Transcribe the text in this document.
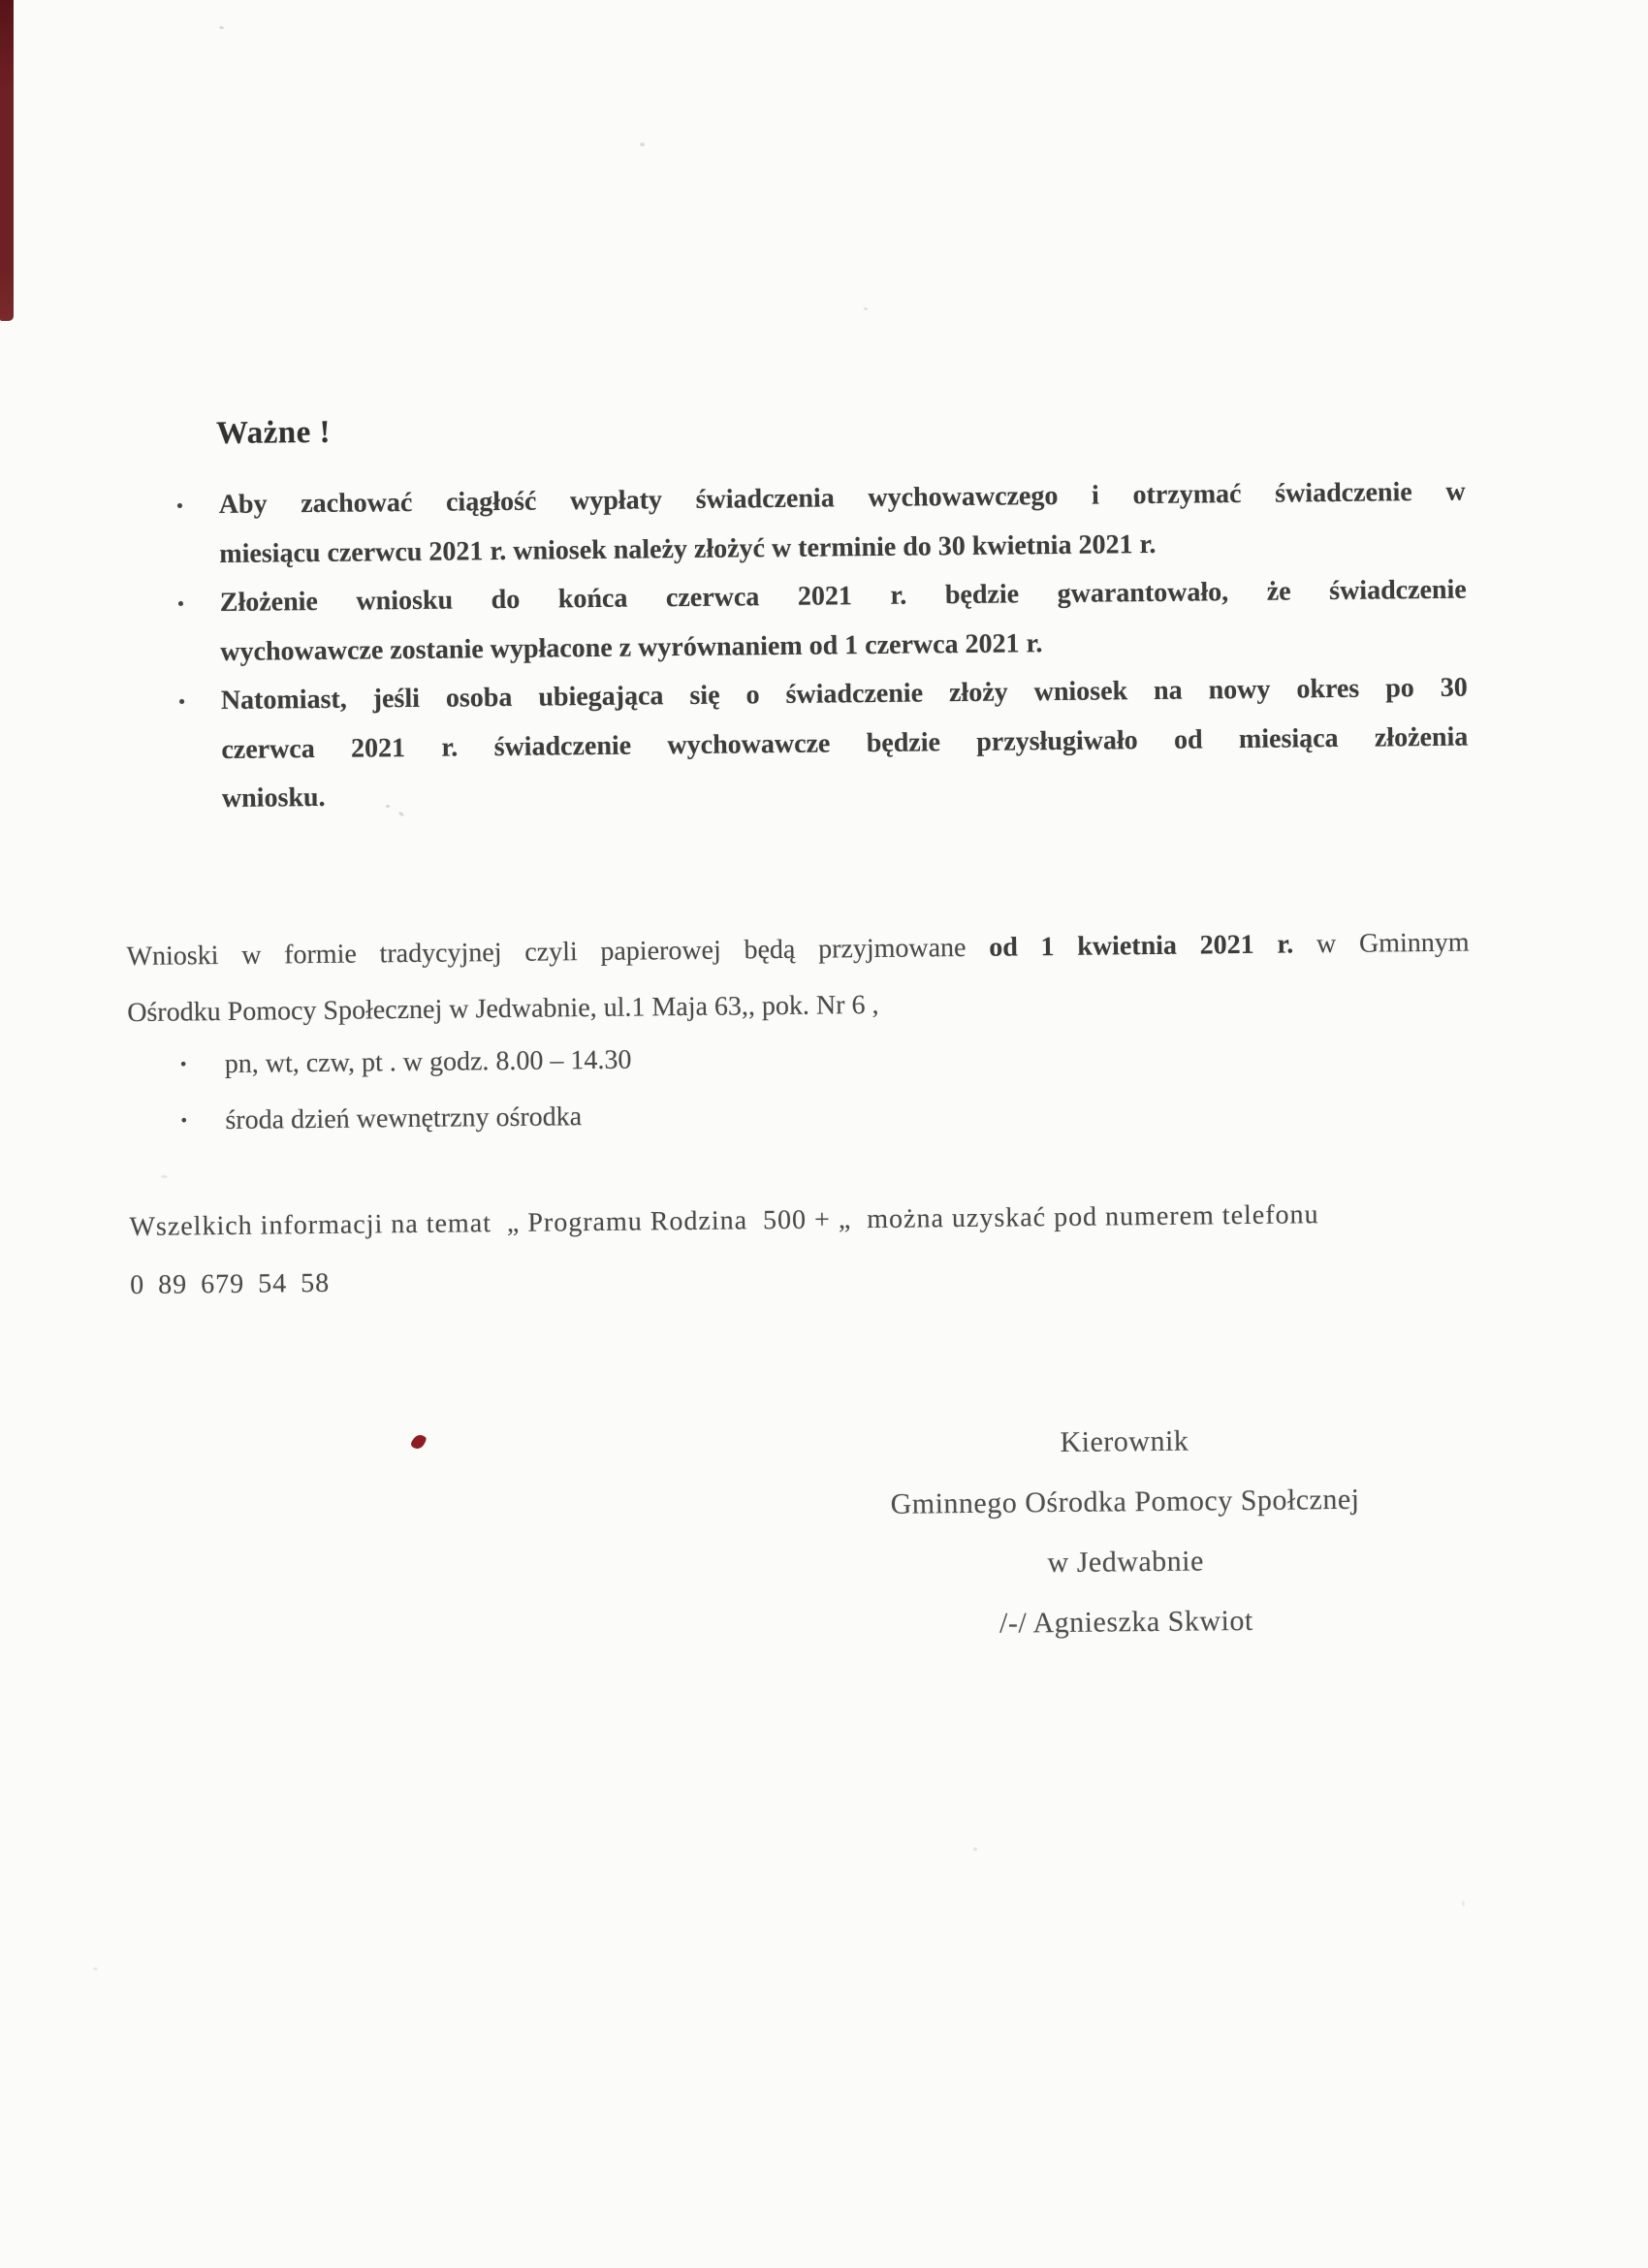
Ważne !
•	Aby zachować ciągłość wypłaty świadczenia wychowawczego i otrzymać świadczenie w
miesiącu czerwcu 2021 r. wniosek należy złożyć w terminie do 30 kwietnia 2021 r.
•	Złożenie wniosku do końca czerwca 2021 r. będzie gwarantowało, że świadczenie
wychowawcze zostanie wypłacone z wyrównaniem od 1 czerwca 2021 r.
•	Natomiast, jeśli osoba ubiegająca się o świadczenie złoży wniosek na nowy okres po 30
czerwca 2021 r. świadczenie wychowawcze będzie przysługiwało od miesiąca złożenia
wniosku.
Wnioski w formie tradycyjnej czyli papierowej będą przyjmowane od 1 kwietnia 2021 r. w Gminnym
Ośrodku Pomocy Społecznej w Jedwabnie, ul.1 Maja 63,, pok. Nr 6 ,
•	pn, wt, czw, pt . w godz. 8.00 – 14.30
•	środa dzień wewnętrzny ośrodka
Wszelkich informacji na temat  „ Programu Rodzina  500 + „  można uzyskać pod numerem telefonu
0 89 679 54 58
Kierownik
Gminnego Ośrodka Pomocy Społcznej
w Jedwabnie
/-/ Agnieszka Skwiot
